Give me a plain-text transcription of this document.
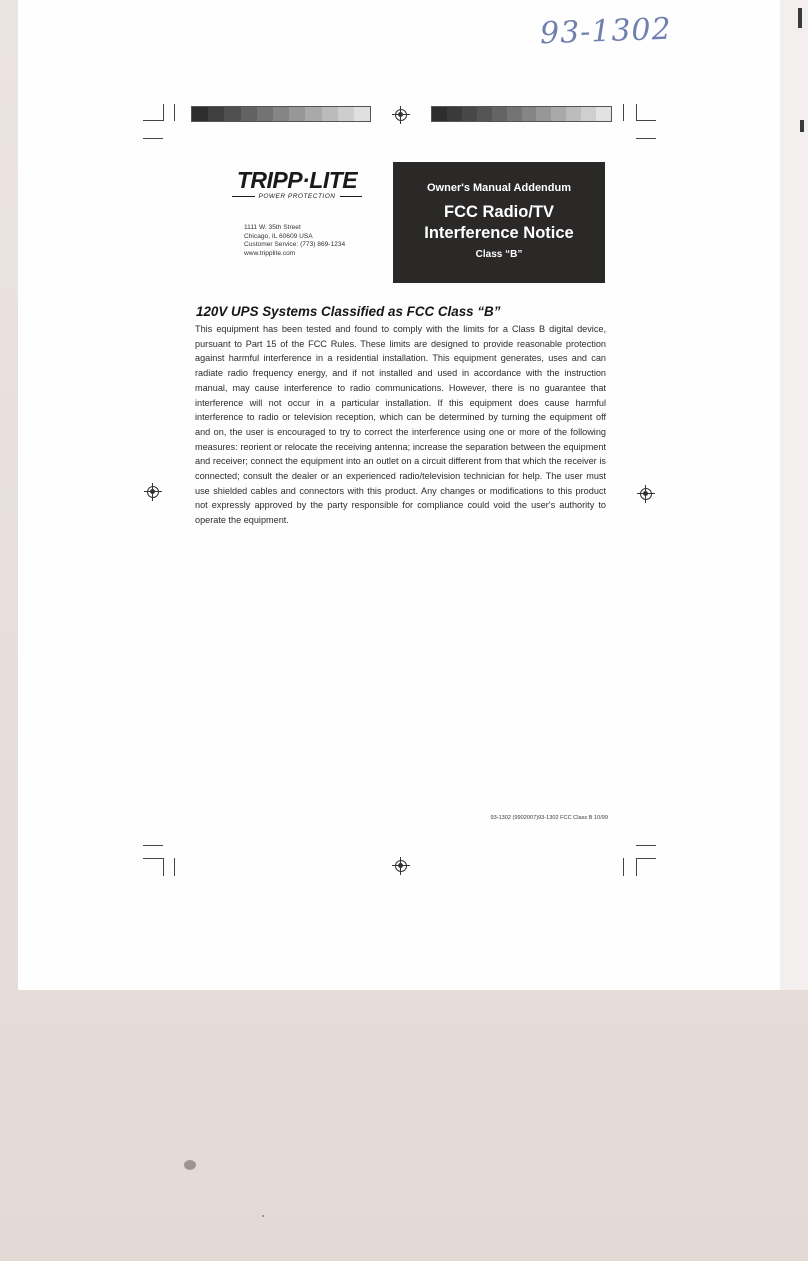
93-1302
TRIPP·LITE
POWER PROTECTION
1111 W. 35th Street
Chicago, IL 60609 USA
Customer Service: (773) 869-1234
www.tripplite.com
Owner's Manual Addendum
FCC Radio/TV
Interference Notice
Class “B”
120V UPS Systems Classified as FCC Class “B”
This equipment has been tested and found to comply with the limits for a Class B digital device, pursuant to Part 15 of the FCC Rules. These limits are designed to provide reasonable protection against harmful interference in a residential installation. This equipment generates, uses and can radiate radio frequency energy, and if not installed and used in accordance with the instruction manual, may cause interference to radio communications. However, there is no guarantee that interference will not occur in a particular installation. If this equipment does cause harmful interference to radio or television reception, which can be determined by turning the equipment off and on, the user is encouraged to try to correct the interference using one or more of the following measures: reorient or relocate the receiving antenna; increase the separation between the equipment and receiver; connect the equipment into an outlet on a circuit different from that which the receiver is connected; consult the dealer or an experienced radio/television technician for help. The user must use shielded cables and connectors with this product. Any changes or modifications to this product not expressly approved by the party responsible for compliance could void the user's authority to operate the equipment.
93-1302 (9902007)93-1302 FCC Class B 10/99
